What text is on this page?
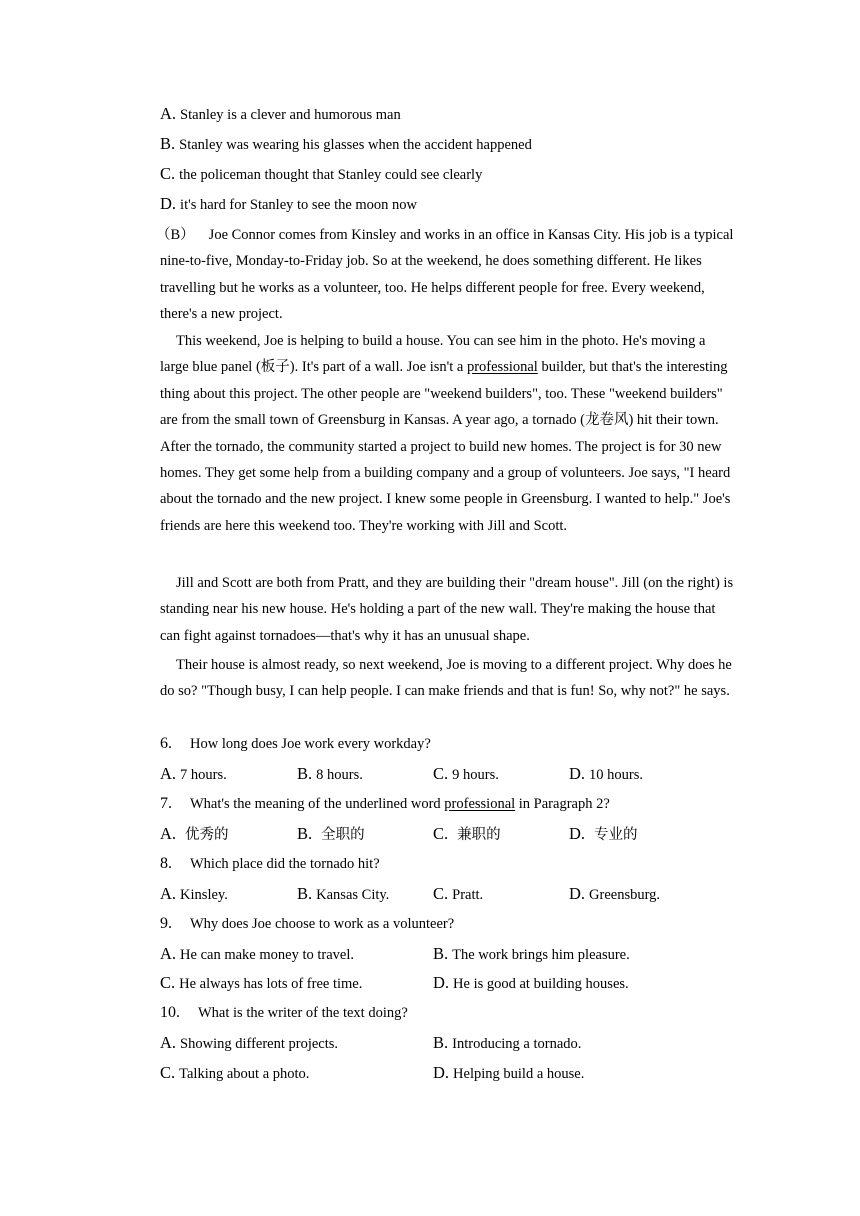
A. Stanley is a clever and humorous man
B. Stanley was wearing his glasses when the accident happened
C. the policeman thought that Stanley could see clearly
D. it's hard for Stanley to see the moon now
（B） Joe Connor comes from Kinsley and works in an office in Kansas City. His job is a typical nine-to-five, Monday-to-Friday job. So at the weekend, he does something different. He likes travelling but he works as a volunteer, too. He helps different people for free. Every weekend, there's a new project.
This weekend, Joe is helping to build a house. You can see him in the photo. He's moving a large blue panel (板子). It's part of a wall. Joe isn't a professional builder, but that's the interesting thing about this project. The other people are "weekend builders", too. These "weekend builders" are from the small town of Greensburg in Kansas. A year ago, a tornado (龙卷风) hit their town. After the tornado, the community started a project to build new homes. The project is for 30 new homes. They get some help from a building company and a group of volunteers. Joe says, "I heard about the tornado and the new project. I knew some people in Greensburg. I wanted to help." Joe's friends are here this weekend too. They're working with Jill and Scott.
Jill and Scott are both from Pratt, and they are building their "dream house". Jill (on the right) is standing near his new house. He's holding a part of the new wall. They're making the house that can fight against tornadoes—that's why it has an unusual shape.
Their house is almost ready, so next weekend, Joe is moving to a different project. Why does he do so? "Though busy, I can help people. I can make friends and that is fun! So, why not?" he says.
6. How long does Joe work every workday?
A. 7 hours.	B. 8 hours.	C. 9 hours.	D. 10 hours.
7. What's the meaning of the underlined word professional in Paragraph 2?
A. 优秀的	B. 全职的	C. 兼职的	D. 专业的
8. Which place did the tornado hit?
A. Kinsley.	B. Kansas City.	C. Pratt.	D. Greensburg.
9. Why does Joe choose to work as a volunteer?
A. He can make money to travel.	B. The work brings him pleasure.
C. He always has lots of free time.	D. He is good at building houses.
10. What is the writer of the text doing?
A. Showing different projects.	B. Introducing a tornado.
C. Talking about a photo.	D. Helping build a house.
